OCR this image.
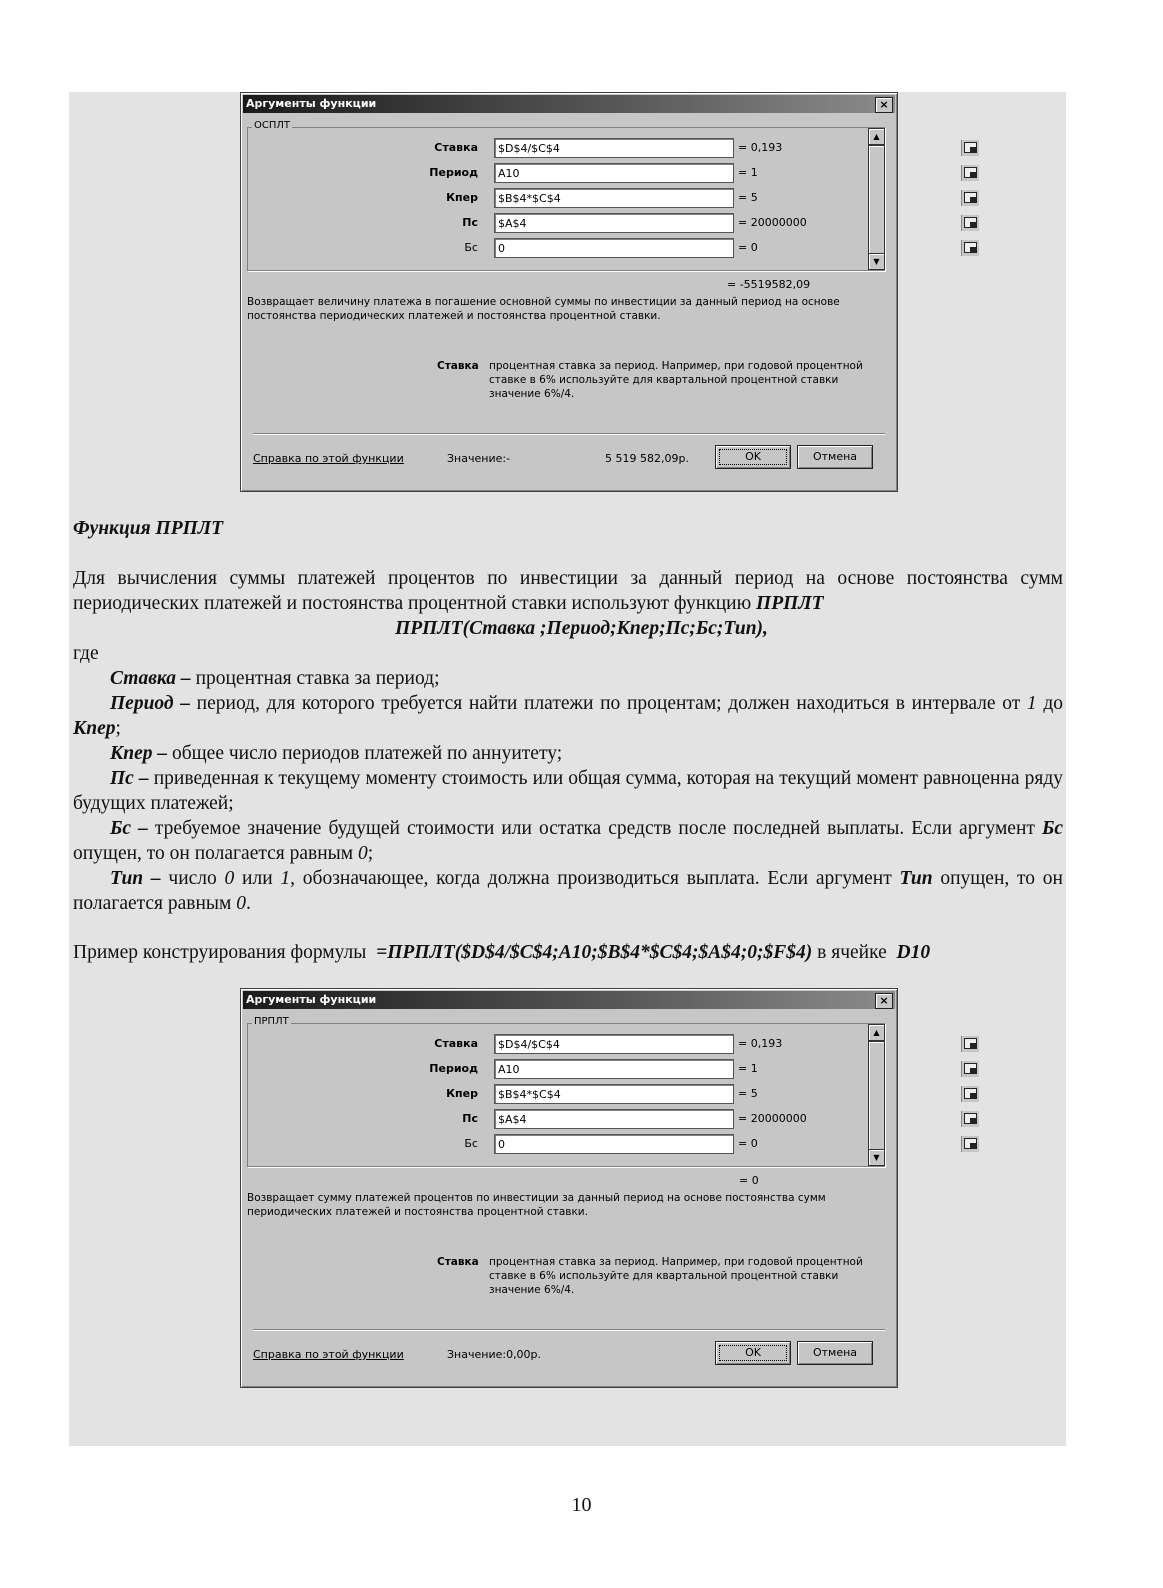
Аргументы функции	×
ОСПЛТ
Ставка $D$4/$C$4	= 0,193
Период A10	= 1
Кпер $B$4*$C$4	= 5
Пс $A$4	= 20000000
Бс 0	= 0
▲
▼
= -5519582,09
Возвращает величину платежа в погашение основной суммы по инвестиции за данный период на основе постоянства периодических платежей и постоянства процентной ставки.
Ставка процентная ставка за период. Например, при годовой процентной ставке в 6% используйте для квартальной процентной ставки значение 6%/4.
Справка по этой функции	Значение:-	5 519 582,09р.	OK	Отмена
Функция ПРПЛТ
Для вычисления суммы платежей процентов по инвестиции за данный период на основе постоянства сумм периодических платежей и постоянства процентной ставки используют функцию ПРПЛТ
ПРПЛТ(Ставка ;Период;Кпер;Пс;Бс;Тип),
где
Ставка – процентная ставка за период;
Период – период, для которого требуется найти платежи по процентам; должен находиться в интервале от 1 до Кпер;
Кпер – общее число периодов платежей по аннуитету;
Пс – приведенная к текущему моменту стоимость или общая сумма, которая на текущий момент равноценна ряду будущих платежей;
Бс – требуемое значение будущей стоимости или остатка средств после последней выплаты. Если аргумент Бс опущен, то он полагается равным 0;
Тип – число 0 или 1, обозначающее, когда должна производиться выплата. Если аргумент Тип опущен, то он полагается равным 0.
Пример конструирования формулы  =ПРПЛТ($D$4/$C$4;A10;$B$4*$C$4;$A$4;0;$F$4) в ячейке  D10
Аргументы функции	×
ПРПЛТ
Ставка $D$4/$C$4	= 0,193
Период A10	= 1
Кпер $B$4*$C$4	= 5
Пс $A$4	= 20000000
Бс 0	= 0
▲
▼
= 0
Возвращает сумму платежей процентов по инвестиции за данный период на основе постоянства сумм периодических платежей и постоянства процентной ставки.
Ставка процентная ставка за период. Например, при годовой процентной ставке в 6% используйте для квартальной процентной ставки значение 6%/4.
Справка по этой функции	Значение:0,00р.	OK	Отмена
10
